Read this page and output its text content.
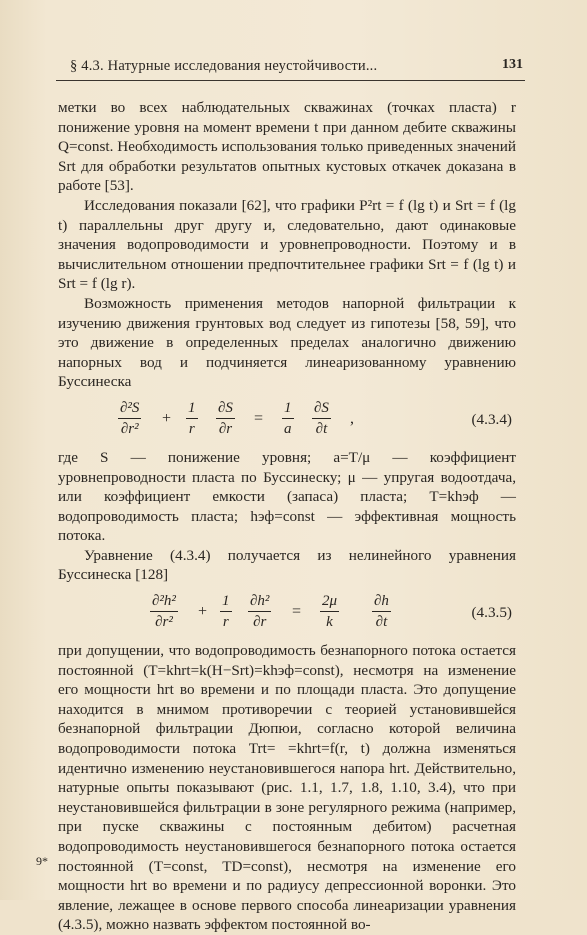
§ 4.3. Натурные исследования неустойчивости...	131

метки во всех наблюдательных скважинах (точках пласта) r понижение уровня на момент времени t при данном дебите скважины Q=const. Необходимость использования только приведенных значений Srt для обработки результатов опытных кустовых откачек доказана в работе [53].

Исследования показали [62], что графики P²rt = f (lg t) и Srt = f (lg t) параллельны друг другу и, следовательно, дают одинаковые значения водопроводимости и уровнепроводности. Поэтому и в вычислительном отношении предпочтительнее графики Srt = f (lg t) и Srt = f (lg r).

Возможность применения методов напорной фильтрации к изучению движения грунтовых вод следует из гипотезы [58, 59], что это движение в определенных пределах аналогично движению напорных вод и подчиняется линеаризованному уравнению Буссинеска

$\frac{\text{∂²S}}{\text{∂r²}} + \frac{1}{r} \frac{\partial S}{\partial r} = \frac{1}{a} \frac{\partial S}{\partial t}$ ,	(4.3.4)

где S — понижение уровня; a=T/μ — коэффициент уровнепроводности пласта по Буссинеску; μ — упругая водоотдача, или коэффициент емкости (запаса) пласта; T=khэф — водопроводимость пласта; hэф=const — эффективная мощность потока.

Уравнение (4.3.4) получается из нелинейного уравнения Буссинеска [128]

$\frac{\text{∂²h²}}{\text{∂r²}} + \frac{1}{r} \frac{\text{∂h²}}{\partial r} = \frac{2\mu}{k} \frac{\partial h}{\partial t}$	(4.3.5)

при допущении, что водопроводимость безнапорного потока остается постоянной (T=khrt=k(H−Srt)=khэф=const), несмотря на изменение его мощности hrt во времени и по площади пласта. Это допущение находится в мнимом противоречии с теорией установившейся безнапорной фильтрации Дюпюи, согласно которой величина водопроводимости потока Trt= =khrt=f(r, t) должна изменяться идентично изменению неустановившегося напора hrt. Действительно, натурные опыты показывают (рис. 1.1, 1.7, 1.8, 1.10, 3.4), что при неустановившейся фильтрации в зоне регулярного режима (например, при пуске скважины с постоянным дебитом) расчетная водопроводимость неустановившегося безнапорного потока остается постоянной (T=const, TD=const), несмотря на изменение его мощности hrt во времени и по радиусу депрессионной воронки. Это явление, лежащее в основе первого способа линеаризации уравнения (4.3.5), можно назвать эффектом постоянной во-

9*
